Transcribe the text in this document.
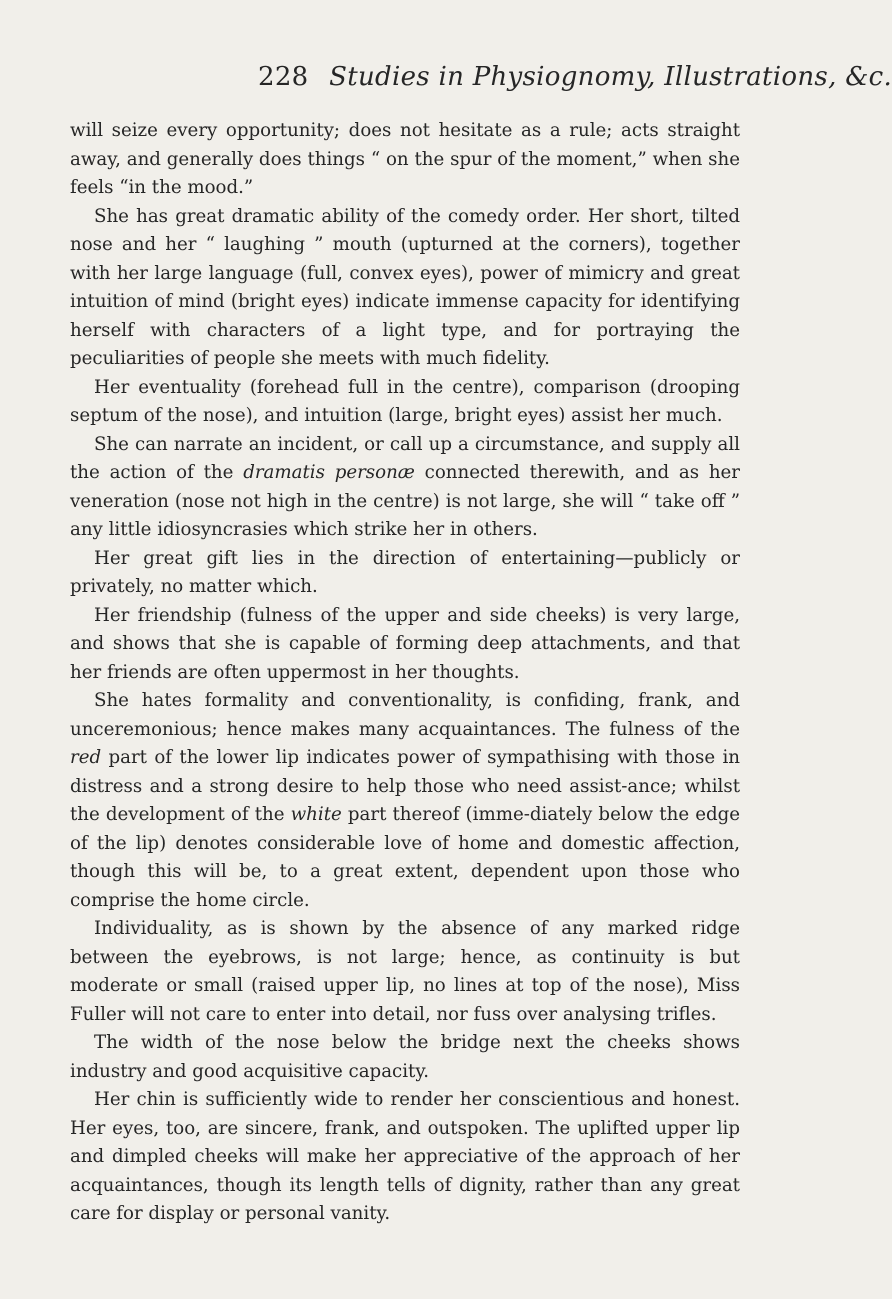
228 Studies in Physiognomy, Illustrations, &c.

will seize every opportunity; does not hesitate as a rule; acts straight away, and generally does things “ on the spur of the moment,” when she feels “in the mood.”

She has great dramatic ability of the comedy order. Her short, tilted nose and her “ laughing ” mouth (upturned at the corners), together with her large language (full, convex eyes), power of mimicry and great intuition of mind (bright eyes) indicate immense capacity for identifying herself with characters of a light type, and for portraying the peculiarities of people she meets with much fidelity.

Her eventuality (forehead full in the centre), comparison (drooping septum of the nose), and intuition (large, bright eyes) assist her much.

She can narrate an incident, or call up a circumstance, and supply all the action of the dramatis personæ connected therewith, and as her veneration (nose not high in the centre) is not large, she will “ take off ” any little idiosyncrasies which strike her in others.

Her great gift lies in the direction of entertaining—publicly or privately, no matter which.

Her friendship (fulness of the upper and side cheeks) is very large, and shows that she is capable of forming deep attachments, and that her friends are often uppermost in her thoughts.

She hates formality and conventionality, is confiding, frank, and unceremonious; hence makes many acquaintances. The fulness of the red part of the lower lip indicates power of sympathising with those in distress and a strong desire to help those who need assist-ance; whilst the development of the white part thereof (imme-diately below the edge of the lip) denotes considerable love of home and domestic affection, though this will be, to a great extent, dependent upon those who comprise the home circle.

Individuality, as is shown by the absence of any marked ridge between the eyebrows, is not large; hence, as continuity is but moderate or small (raised upper lip, no lines at top of the nose), Miss Fuller will not care to enter into detail, nor fuss over analysing trifles.

The width of the nose below the bridge next the cheeks shows industry and good acquisitive capacity.

Her chin is sufficiently wide to render her conscientious and honest. Her eyes, too, are sincere, frank, and outspoken. The uplifted upper lip and dimpled cheeks will make her appreciative of the approach of her acquaintances, though its length tells of dignity, rather than any great care for display or personal vanity.
